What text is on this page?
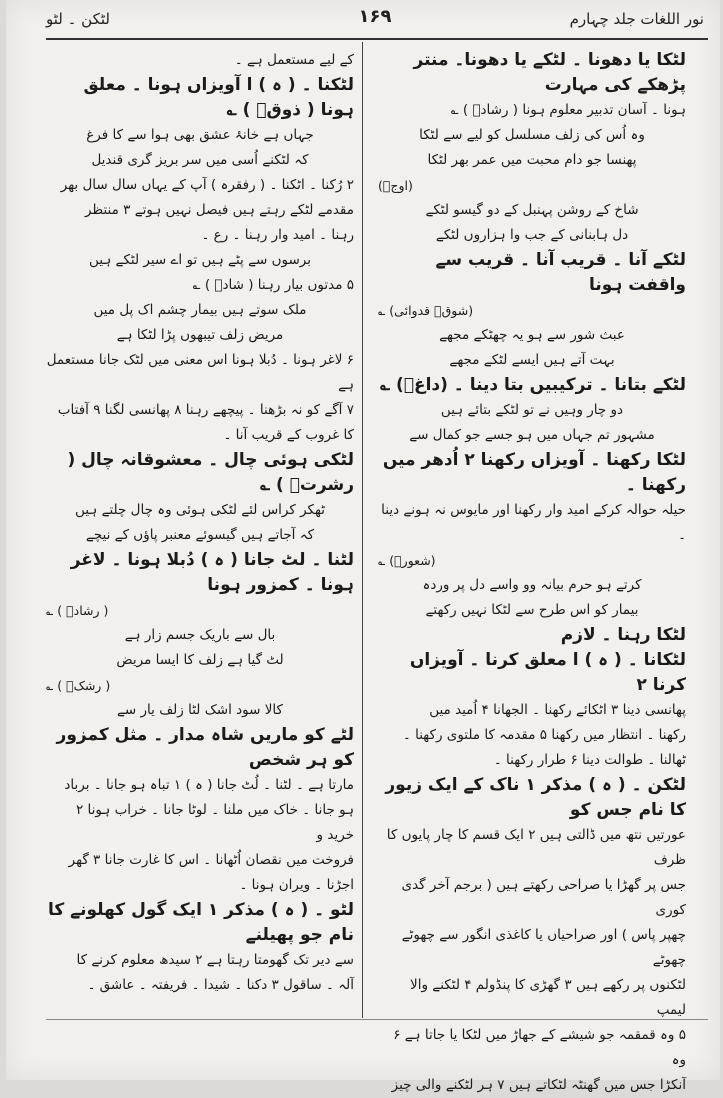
نور اللغات جلد چہارم
۱۶۹
لٹکن ۔ لٹو

لٹکا یا دھونا ۔ لٹکے یا دھونا۔ منتر پڑھکے کی مہارت

ہونا ۔ آسان تدبیر معلوم ہونا ( رشادؔ ) ؎

وہ اُس کی زلف مسلسل کو لیے سے لٹکا

پھنسا جو دام محبت میں عمر بھر لٹکا

(اوجؔ)

شاخ کے روشن پہنبل کے دو گیسو لٹکے

دل ہابنانی کے جب وا ہزاروں لٹکے

لٹکے آنا ۔ قریب آنا ۔ قریب سے واقفت ہونا

(شوقؔ قدوائی) ؎

عبث شور سے ہو یہ چھٹکے مجھے

بہت آتے ہیں ایسے لٹکے مجھے

لٹکے بتانا ۔ ترکیبیں بتا دینا ۔ (داغؔ) ؎

دو چار وہیں نے تو لٹکے بتائے ہیں

مشہور تم جہاں میں ہو جسے جو کمال سے

لٹکا رکھنا ۔ آویزاں رکھنا ۲ اُدھر میں رکھنا ۔

حیلہ حوالہ کرکے امید وار رکھنا اور مایوس نہ ہونے دینا ۔

(شعورؔ) ؎

کرتے ہو حرم بیانہ وو واسے دل پر وردہ

بیمار کو اس طرح سے لٹکا نہیں رکھتے

لٹکا رہنا ۔ لازم

لٹکانا ۔ ( ہ ) ا معلق کرنا ۔ آویزاں کرنا ۲

پھانسی دینا ۳ اٹکائے رکھنا ۔ الجھانا ۴ اُمید میں

رکھنا ۔ انتظار میں رکھنا ۵ مقدمہ کا ملتوی رکھنا ۔

ٹھالنا ۔ طوالت دینا ۶ طرار رکھنا ۔

لٹکن ۔ ( ہ ) مذکر ۱ ناک کے ایک زیور کا نام جس کو

عورتیں نتھ میں ڈالتی ہیں ۲ ایک قسم کا چار پایوں کا ظرف

جس پر گھڑا یا صراحی رکھتے ہیں ( برجم آخر گدی کوری

چھپر پاس ) اور صراحیاں یا کاغذی انگور سے چھوٹے چھوٹے

لٹکنوں پر رکھے ہیں ۳ گھڑی کا پنڈولم ۴ لٹکنے والا لیمپ

۵ وہ قمقمہ جو شیشے کے جھاڑ میں لٹکا یا جاتا ہے ۶ وہ

آنکڑا جس میں گھنٹہ لٹکاتے ہیں ۷ ہر لٹکنے والی چیز

کے لیے مستعمل ہے ۔

لٹکنا ۔ ( ہ ) ا آویزاں ہونا ۔ معلق ہونا ( ذوقؔ ) ؎

جہاں ہے خانۂ عشق بھی ہوا سے کا فرغ

کہ لٹکنے اُسی میں سر بریز گری قندیل

۲ رُکنا ۔ اٹکنا ۔ ( رفقرہ ) آپ کے یہاں سال سال بھر

مقدمے لٹکے رہتے ہیں فیصل نہیں ہوتے ۳ منتظر

رہنا ۔ امید وار رہنا ۔ رع ۔

برسوں سے پٹے ہیں تو اے سیر لٹکے ہیں

۵ مدتوں بیار رہنا ( شادؔ ) ؎

ملک سوتے ہیں بیمار چشم اک پل میں

مریض زلف تیبھوں پڑا لٹکا ہے

۶ لاغر ہونا ۔ دُبلا ہونا اس معنی میں لٹک جانا مستعمل ہے

۷ آگے کو نہ بڑھنا ۔ پیچھے رہنا ۸ پھانسی لگنا ۹ آفتاب

کا غروب کے قریب آنا ۔

لٹکی ہوئی چال ۔ معشوقانہ چال ( رشرتؔ ) ؎

ٹھکر کراس لئے لٹکی ہوئی وہ چال چلتے ہیں

کہ آجاتے ہیں گیسوئے معنبر پاؤں کے نیچے

لٹنا ۔ لٹ جانا ( ہ ) دُبلا ہونا ۔ لاغر ہونا ۔ کمزور ہونا

( رشادؔ ) ؎

بال سے باریک جسم زار ہے

لٹ گیا ہے زلف کا ایسا مریض

( رشکؔ ) ؎

کالا سود اشک لٹا زلف یار سے

لٹے کو ماریں شاہ مدار ۔ مثل کمزور کو ہر شخص

مارتا ہے ۔ لٹنا ۔ لُٹ جانا ( ہ ) ۱ تباہ ہو جانا ۔ برباد

ہو جانا ۔ خاک میں ملنا ۔ لوٹا جانا ۔ خراب ہونا ۲ خرید و

فروخت میں نقصان اُٹھانا ۔ اس کا غارت جانا ۳ گھر

اجڑنا ۔ ویران ہونا ۔

لٹو ۔ ( ہ ) مذکر ۱ ایک گول کھلونے کا نام جو پھیلنے

سے دیر تک گھومتا رہتا ہے ۲ سیدھ معلوم کرنے کا

آلہ ۔ ساقول ۳ دکنا ۔ شیدا ۔ فریفتہ ۔ عاشق ۔
